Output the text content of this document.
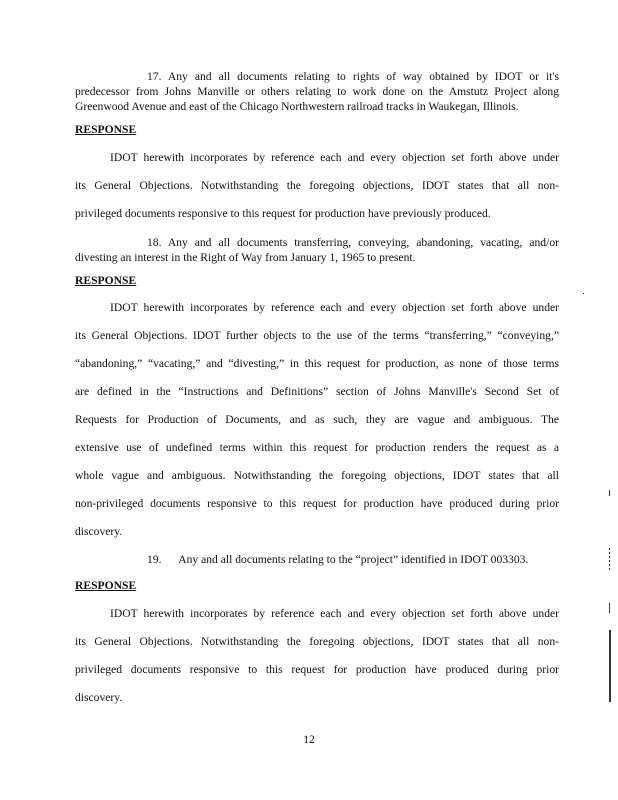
17. Any and all documents relating to rights of way obtained by IDOT or it's
predecessor from Johns Manville or others relating to work done on the Amstutz Project along
Greenwood Avenue and east of the Chicago Northwestern railroad tracks in Waukegan, Illinois.
RESPONSE
IDOT herewith incorporates by reference each and every objection set forth above under
its General Objections. Notwithstanding the foregoing objections, IDOT states that all non-
privileged documents responsive to this request for production have previously produced.
18. Any and all documents transferring, conveying, abandoning, vacating, and/or
divesting an interest in the Right of Way from January 1, 1965 to present.
RESPONSE
IDOT herewith incorporates by reference each and every objection set forth above under
its General Objections. IDOT further objects to the use of the terms “transferring,” “conveying,”
“abandoning,” “vacating,” and “divesting,” in this request for production, as none of those terms
are defined in the “Instructions and Definitions” section of Johns Manville's Second Set of
Requests for Production of Documents, and as such, they are vague and ambiguous. The
extensive use of undefined terms within this request for production renders the request as a
whole vague and ambiguous. Notwithstanding the foregoing objections, IDOT states that all
non-privileged documents responsive to this request for production have produced during prior
discovery.
19.      Any and all documents relating to the “project” identified in IDOT 003303.
RESPONSE
IDOT herewith incorporates by reference each and every objection set forth above under
its General Objections. Notwithstanding the foregoing objections, IDOT states that all non-
privileged documents responsive to this request for production have produced during prior
discovery.
12
